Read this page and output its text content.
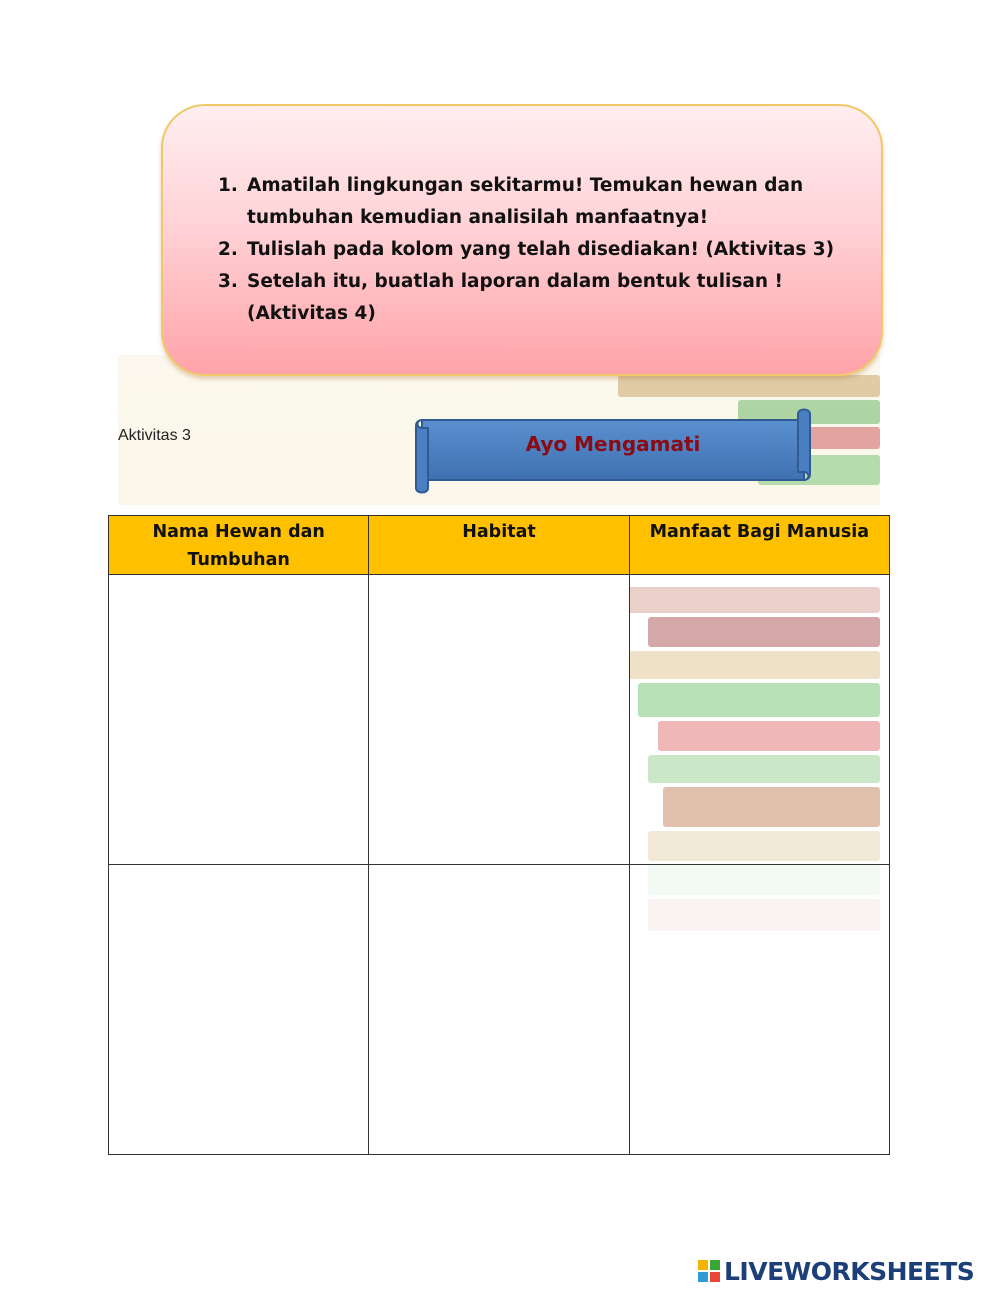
1. Amatilah lingkungan sekitarmu! Temukan hewan dan tumbuhan kemudian analisilah manfaatnya!
2. Tulislah pada kolom yang telah disediakan! (Aktivitas 3)
3. Setelah itu, buatlah laporan dalam bentuk tulisan ! (Aktivitas 4)
Aktivitas 3	Ayo Mengamati
Nama Hewan dan Tumbuhan	Habitat	Manfaat Bagi Manusia

LIVEWORKSHEETS
